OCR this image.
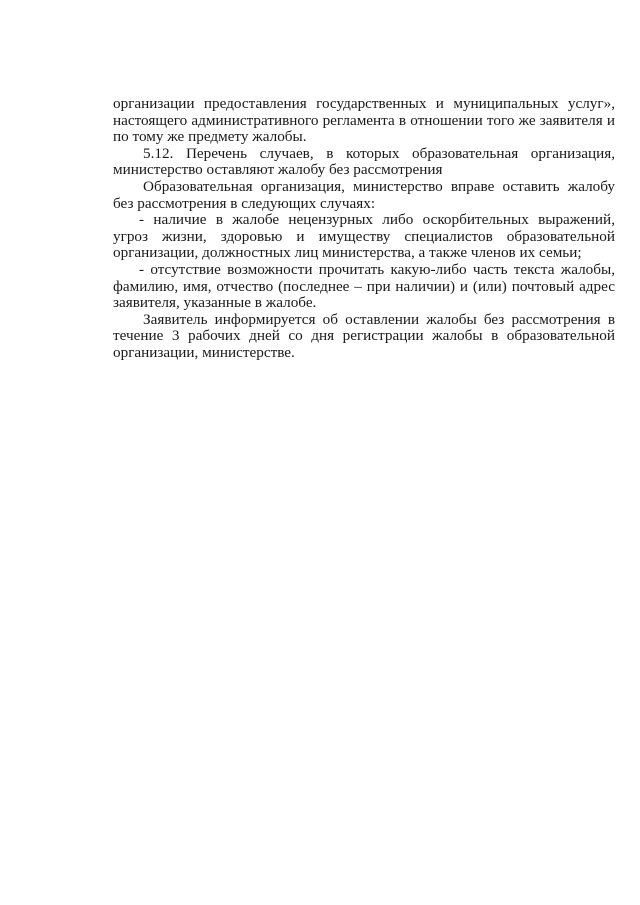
организации предоставления государственных и муниципальных услуг», настоящего административного регламента в отношении того же заявителя и по тому же предмету жалобы.

5.12. Перечень случаев, в которых образовательная организация, министерство оставляют жалобу без рассмотрения

Образовательная организация, министерство вправе оставить жалобу без рассмотрения в следующих случаях:

- наличие в жалобе нецензурных либо оскорбительных выражений, угроз жизни, здоровью и имуществу специалистов образовательной организации, должностных лиц министерства, а также членов их семьи;

- отсутствие возможности прочитать какую-либо часть текста жалобы, фамилию, имя, отчество (последнее – при наличии) и (или) почтовый адрес заявителя, указанные в жалобе.

Заявитель информируется об оставлении жалобы без рассмотрения в течение 3 рабочих дней со дня регистрации жалобы в образовательной организации, министерстве.
